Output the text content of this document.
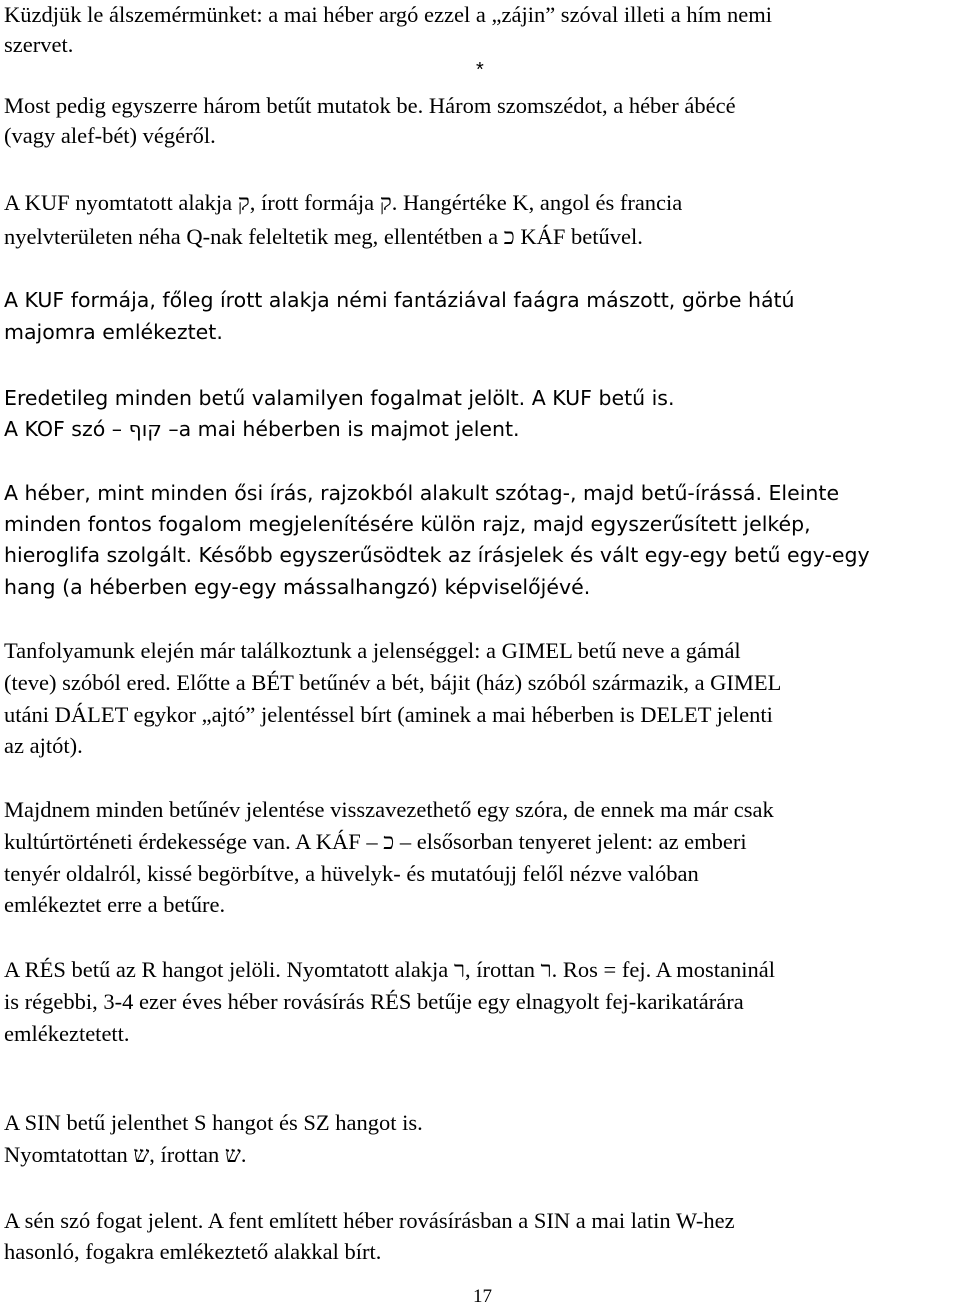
Küzdjük le álszemérmünket: a mai héber argó ezzel a „zájin” szóval illeti a hím nemi
szervet.
Most pedig egyszerre három betűt mutatok be. Három szomszédot, a héber ábécé
(vagy alef-bét) végéről.
A KUF nyomtatott alakja ק, írott formája ק. Hangértéke K, angol és francia
nyelvterületen néha Q-nak feleltetik meg, ellentétben a כ KÁF betűvel.
A KUF formája, főleg írott alakja némi fantáziával faágra mászott, görbe hátú
majomra emlékeztet.
Eredetileg minden betű valamilyen fogalmat jelölt. A KUF betű is.
A KOF szó – קוף –a mai héberben is majmot jelent.
A héber, mint minden ősi írás, rajzokból alakult szótag-, majd betű-írássá. Eleinte
minden fontos fogalom megjelenítésére külön rajz, majd egyszerűsített jelkép,
hieroglifa szolgált. Később egyszerűsödtek az írásjelek és vált egy-egy betű egy-egy
hang (a héberben egy-egy mássalhangzó) képviselőjévé.
Tanfolyamunk elején már találkoztunk a jelenséggel: a GIMEL betű neve a gámál
(teve) szóból ered. Előtte a BÉT betűnév a bét, bájit (ház) szóból származik, a GIMEL
utáni DÁLET egykor „ajtó” jelentéssel bírt (aminek a mai héberben is DELET jelenti
az ajtót).
Majdnem minden betűnév jelentése visszavezethető egy szóra, de ennek ma már csak
kultúrtörténeti érdekessége van. A KÁF – כ – elsősorban tenyeret jelent: az emberi
tenyér oldalról, kissé begörbítve, a hüvelyk- és mutatóujj felől nézve valóban
emlékeztet erre a betűre.
A RÉS betű az R hangot jelöli. Nyomtatott alakja ר, írottan ר. Ros = fej. A mostaninál
is régebbi, 3-4 ezer éves héber rovásírás RÉS betűje egy elnagyolt fej-karikatárára
emlékeztetett.
A SIN betű jelenthet S hangot és SZ hangot is.
Nyomtatottan ש, írottan ש.
A sén szó fogat jelent. A fent említett héber rovásírásban a SIN a mai latin W-hez
hasonló, fogakra emlékeztető alakkal bírt.
*
17
